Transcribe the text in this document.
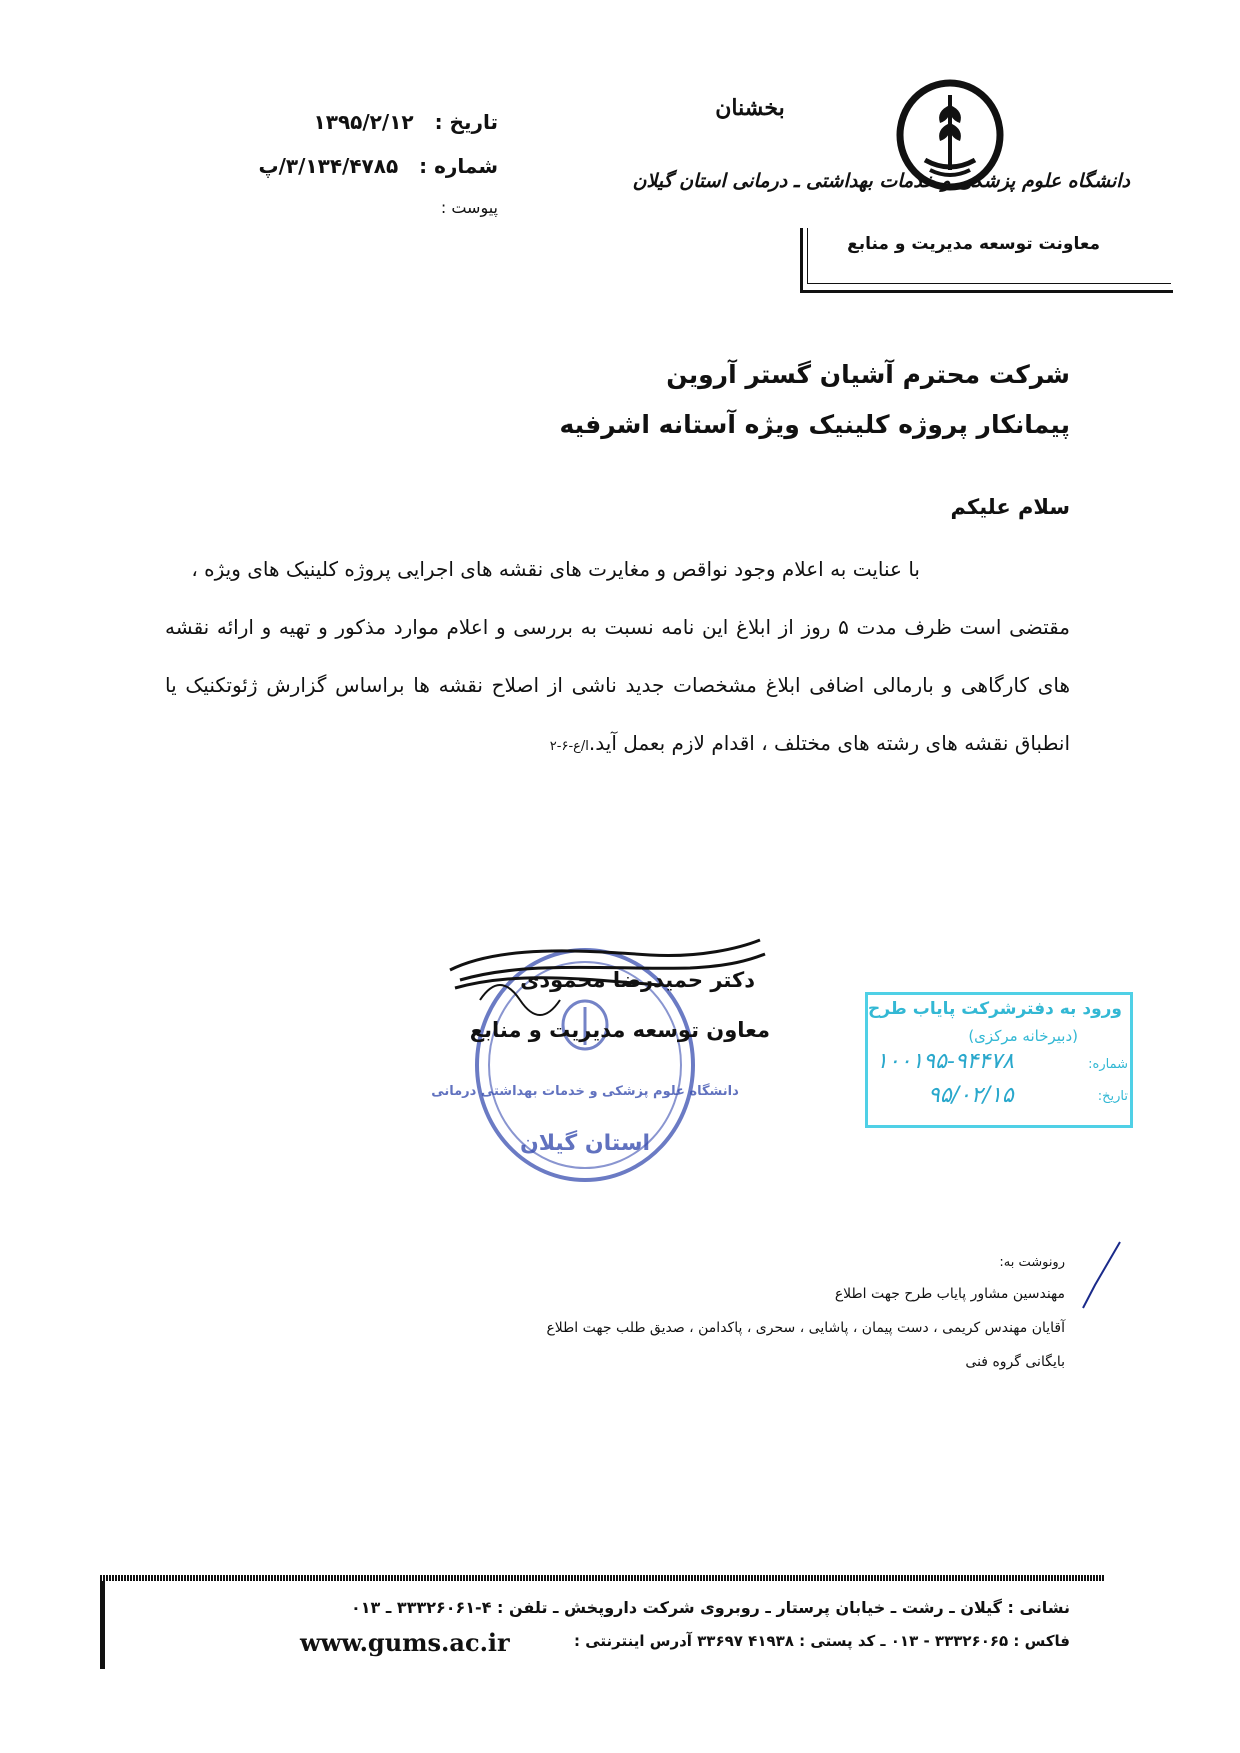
بخشنان
دانشگاه علوم پزشکی و خدمات بهداشتی ـ درمانی استان گیلان
معاونت توسعه مدیریت و منابع
تاریخ : ۱۳۹۵/۲/۱۲
شماره : ۳/۱۳۴/۴۷۸۵/پ
پیوست :
شرکت محترم آشیان گستر آروین
پیمانکار پروژه کلینیک ویژه آستانه اشرفیه
سلام علیکم

با عنایت به اعلام وجود نواقص و مغایرت های نقشه های اجرایی پروژه کلینیک های ویژه ،

مقتضی است ظرف مدت ۵ روز از ابلاغ این نامه نسبت به بررسی و اعلام موارد مذکور و تهیه و ارائه نقشه های کارگاهی و بارمالی اضافی ابلاغ مشخصات جدید ناشی از اصلاح نقشه ها براساس گزارش ژئوتکنیک یا انطباق نقشه های رشته های مختلف ، اقدام لازم بعمل آید.ا/ع-۶-۲

دانشگاه علوم پزشکی و خدمات بهداشتی درمانی
استان گیلان
دکتر حمیدرضا محمودی
معاون توسعه مدیریت و منابع
ورود به دفترشرکت پایاب طرح
(دبیرخانه مرکزی)
شماره:
۱۰۰۱۹۵-۹۴۴۷۸
تاریخ:
۹۵/۰۲/۱۵
رونوشت به:
مهندسین مشاور پایاب طرح جهت اطلاع
آقایان مهندس کریمی ، دست پیمان ، پاشایی ، سحری ، پاکدامن ، صدیق طلب جهت اطلاع
بایگانی گروه فنی
نشانی : گیلان ـ رشت ـ خیابان پرستار ـ روبروی شرکت داروپخش ـ تلفن : ۴-۳۳۳۲۶۰۶۱ ـ ۰۱۳
فاکس : ۳۳۳۲۶۰۶۵ - ۰۱۳ ـ کد پستی : ۴۱۹۳۸ ۳۳۶۹۷ آدرس اینترنتی :
www.gums.ac.ir
